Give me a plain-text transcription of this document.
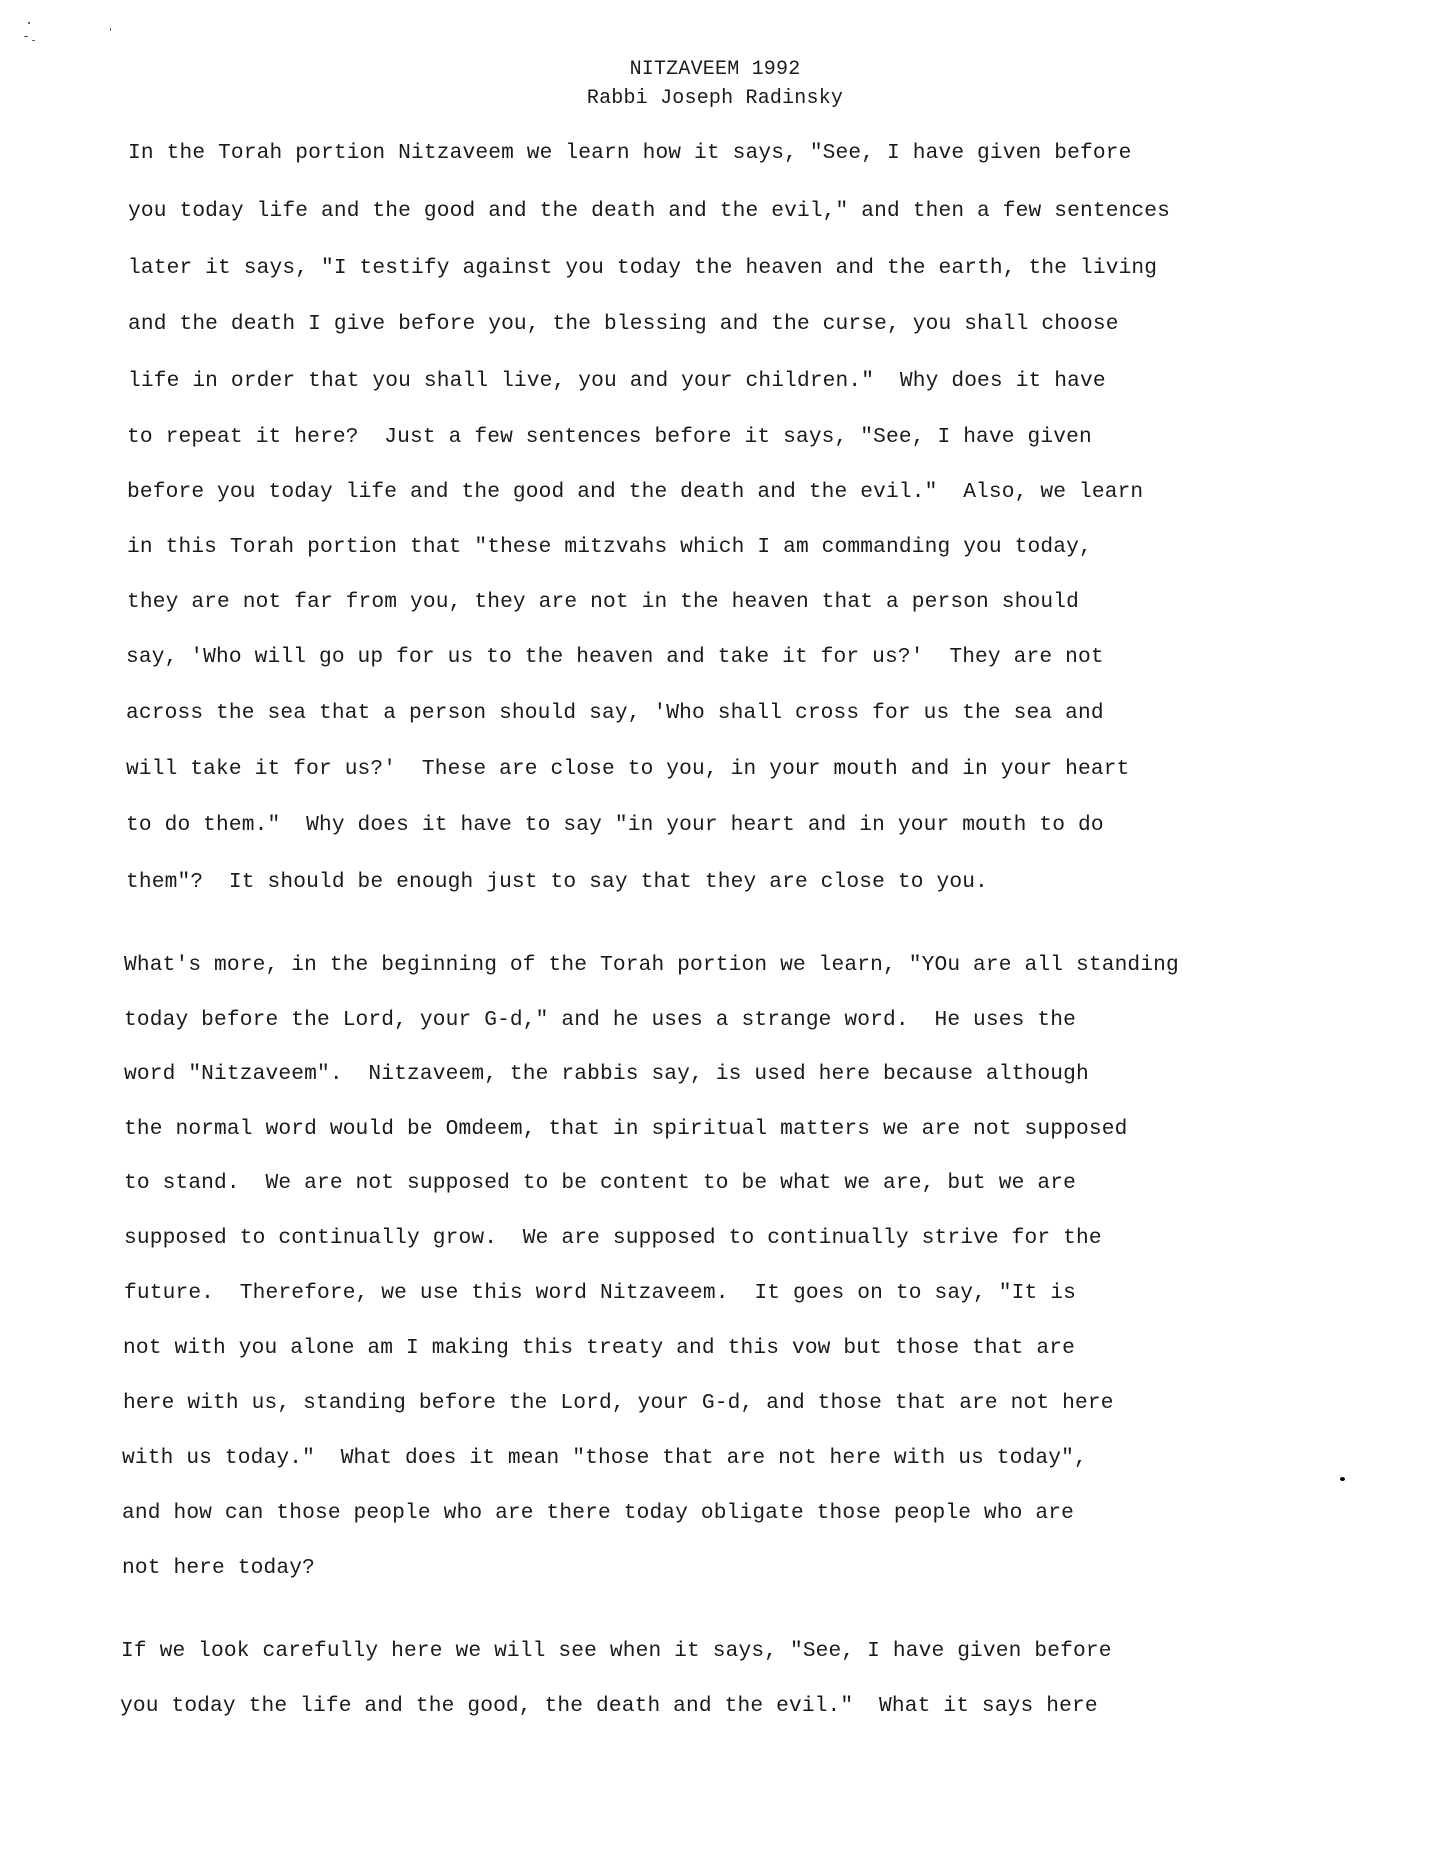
NITZAVEEM 1992
Rabbi Joseph Radinsky
In the Torah portion Nitzaveem we learn how it says, "See, I have given before
you today life and the good and the death and the evil," and then a few sentences
later it says, "I testify against you today the heaven and the earth, the living
and the death I give before you, the blessing and the curse, you shall choose
life in order that you shall live, you and your children."  Why does it have
to repeat it here?  Just a few sentences before it says, "See, I have given
before you today life and the good and the death and the evil."  Also, we learn
in this Torah portion that "these mitzvahs which I am commanding you today,
they are not far from you, they are not in the heaven that a person should
say, 'Who will go up for us to the heaven and take it for us?'  They are not
across the sea that a person should say, 'Who shall cross for us the sea and
will take it for us?'  These are close to you, in your mouth and in your heart
to do them."  Why does it have to say "in your heart and in your mouth to do
them"?  It should be enough just to say that they are close to you.
What's more, in the beginning of the Torah portion we learn, "YOu are all standing
today before the Lord, your G-d," and he uses a strange word.  He uses the
word "Nitzaveem".  Nitzaveem, the rabbis say, is used here because although
the normal word would be Omdeem, that in spiritual matters we are not supposed
to stand.  We are not supposed to be content to be what we are, but we are
supposed to continually grow.  We are supposed to continually strive for the
future.  Therefore, we use this word Nitzaveem.  It goes on to say, "It is
not with you alone am I making this treaty and this vow but those that are
here with us, standing before the Lord, your G-d, and those that are not here
with us today."  What does it mean "those that are not here with us today",
and how can those people who are there today obligate those people who are
not here today?
If we look carefully here we will see when it says, "See, I have given before
you today the life and the good, the death and the evil."  What it says here
